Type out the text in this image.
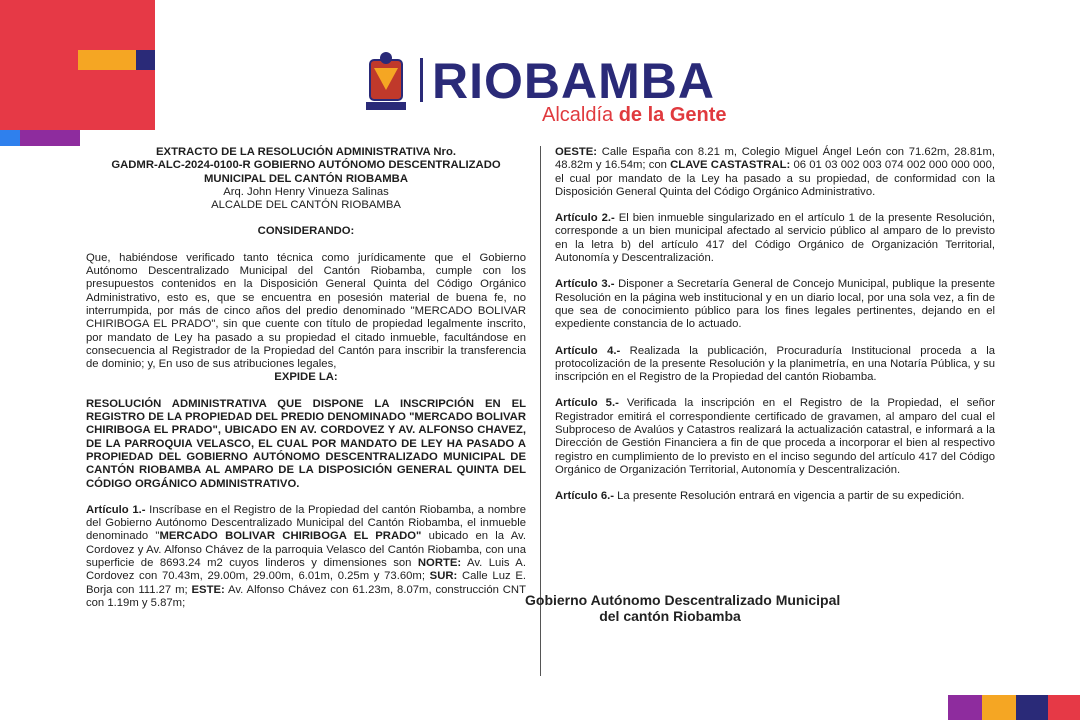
RIOBAMBA
Alcaldía de la Gente

EXTRACTO DE LA RESOLUCIÓN ADMINISTRATIVA Nro.

GADMR-ALC-2024-0100-R GOBIERNO AUTÓNOMO DESCENTRALIZADO

MUNICIPAL DEL CANTÓN RIOBAMBA

Arq. John Henry Vinueza Salinas

ALCALDE DEL CANTÓN RIOBAMBA

CONSIDERANDO:

Que, habiéndose verificado tanto técnica como jurídicamente que el Gobierno Autónomo Descentralizado Municipal del Cantón Riobamba, cumple con los presupuestos contenidos en la Disposición General Quinta del Código Orgánico Administrativo, esto es, que se encuentra en posesión material de buena fe, no interrumpida, por más de cinco años del predio denominado "MERCADO BOLIVAR CHIRIBOGA EL PRADO", sin que cuente con título de propiedad legalmente inscrito, por mandato de Ley ha pasado a su propiedad el citado inmueble, facultándose en consecuencia al Registrador de la Propiedad del Cantón para inscribir la transferencia de dominio; y, En uso de sus atribuciones legales,

EXPIDE LA:

RESOLUCIÓN ADMINISTRATIVA QUE DISPONE LA INSCRIPCIÓN EN EL REGISTRO DE LA PROPIEDAD DEL PREDIO DENOMINADO "MERCADO BOLIVAR CHIRIBOGA EL PRADO", UBICADO EN AV. CORDOVEZ Y AV. ALFONSO CHAVEZ, DE LA PARROQUIA VELASCO, EL CUAL POR MANDATO DE LEY HA PASADO A PROPIEDAD DEL GOBIERNO AUTÓNOMO DESCENTRALIZADO MUNICIPAL DE CANTÓN RIOBAMBA AL AMPARO DE LA DISPOSICIÓN GENERAL QUINTA DEL CÓDIGO ORGÁNICO ADMINISTRATIVO.

Artículo 1.- Inscríbase en el Registro de la Propiedad del cantón Riobamba, a nombre del Gobierno Autónomo Descentralizado Municipal del Cantón Riobamba, el inmueble denominado "MERCADO BOLIVAR CHIRIBOGA EL PRADO" ubicado en la Av. Cordovez y Av. Alfonso Chávez de la parroquia Velasco del Cantón Riobamba, con una superficie de 8693.24 m2 cuyos linderos y dimensiones son NORTE: Av. Luis A. Cordovez con 70.43m, 29.00m, 29.00m, 6.01m, 0.25m y 73.60m; SUR: Calle Luz E. Borja con 111.27 m; ESTE: Av. Alfonso Chávez con 61.23m, 8.07m, construcción CNT con 1.19m y 5.87m;

OESTE: Calle España con 8.21 m, Colegio Miguel Ángel León con 71.62m, 28.81m, 48.82m y 16.54m; con CLAVE CASTASTRAL: 06 01 03 002 003 074 002 000 000 000, el cual por mandato de la Ley ha pasado a su propiedad, de conformidad con la Disposición General Quinta del Código Orgánico Administrativo.

Artículo 2.- El bien inmueble singularizado en el artículo 1 de la presente Resolución, corresponde a un bien municipal afectado al servicio público al amparo de lo previsto en la letra b) del artículo 417 del Código Orgánico de Organización Territorial, Autonomía y Descentralización.

Artículo 3.- Disponer a Secretaría General de Concejo Municipal, publique la presente Resolución en la página web institucional y en un diario local, por una sola vez, a fin de que sea de conocimiento público para los fines legales pertinentes, dejando en el expediente constancia de lo actuado.

Artículo 4.- Realizada la publicación, Procuraduría Institucional proceda a la protocolización de la presente Resolución y la planimetría, en una Notaría Pública, y su inscripción en el Registro de la Propiedad del cantón Riobamba.

Artículo 5.- Verificada la inscripción en el Registro de la Propiedad, el señor Registrador emitirá el correspondiente certificado de gravamen, al amparo del cual el Subproceso de Avalúos y Catastros realizará la actualización catastral, e informará a la Dirección de Gestión Financiera a fin de que proceda a incorporar el bien al respectivo registro en cumplimiento de lo previsto en el inciso segundo del artículo 417 del Código Orgánico de Organización Territorial, Autonomía y Descentralización.

Artículo 6.- La presente Resolución entrará en vigencia a partir de su expedición.

Gobierno Autónomo Descentralizado Municipal
del cantón Riobamba
